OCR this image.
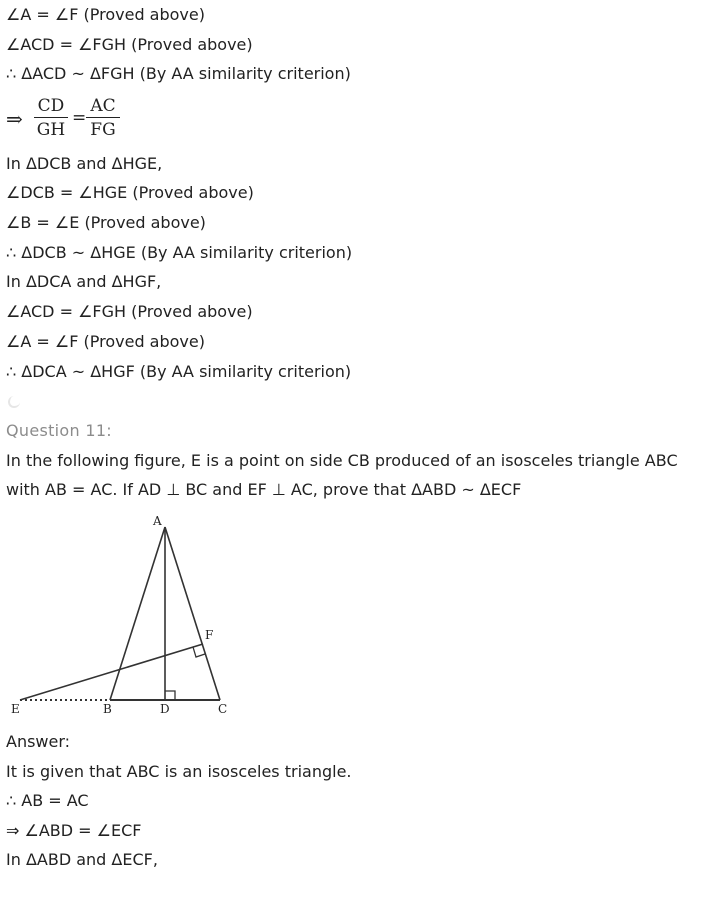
∠A = ∠F (Proved above)
∠ACD = ∠FGH (Proved above)
∴ ΔACD ~ ΔFGH (By AA similarity criterion)
⇒ $\frac{CD}{GH} = \frac{AC}{FG}$
In ΔDCB and ΔHGE,
∠DCB = ∠HGE (Proved above)
∠B = ∠E (Proved above)
∴ ΔDCB ~ ΔHGE (By AA similarity criterion)
In ΔDCA and ΔHGF,
∠ACD = ∠FGH (Proved above)
∠A = ∠F (Proved above)
∴ ΔDCA ~ ΔHGF (By AA similarity criterion)
Question 11:
In the following figure, E is a point on side CB produced of an isosceles triangle ABC
with AB = AC. If AD ⊥ BC and EF ⊥ AC, prove that ΔABD ~ ΔECF
A
F
E	B	D	C
Answer:
It is given that ABC is an isosceles triangle.
∴ AB = AC
⇒ ∠ABD = ∠ECF
In ΔABD and ΔECF,
